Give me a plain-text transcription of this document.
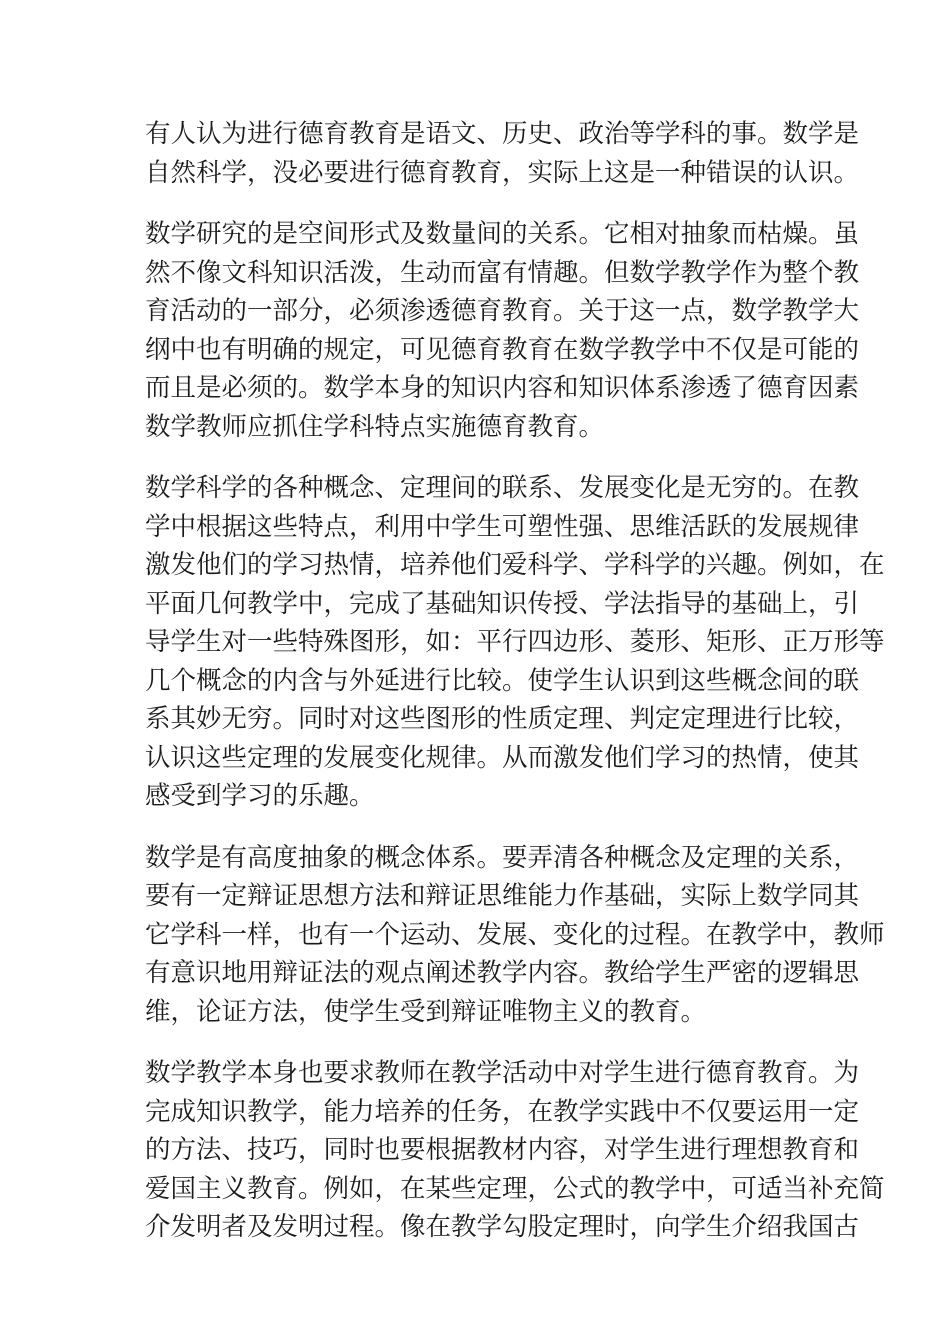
有人认为进行德育教育是语文、历史、政治等学科的事。数学是
自然科学，没必要进行德育教育，实际上这是一种错误的认识。

数学研究的是空间形式及数量间的关系。它相对抽象而枯燥。虽
然不像文科知识活泼，生动而富有情趣。但数学教学作为整个教
育活动的一部分，必须渗透德育教育。关于这一点，数学教学大
纲中也有明确的规定，可见德育教育在数学教学中不仅是可能的
而且是必须的。数学本身的知识内容和知识体系渗透了德育因素
数学教师应抓住学科特点实施德育教育。

数学科学的各种概念、定理间的联系、发展变化是无穷的。在教
学中根据这些特点，利用中学生可塑性强、思维活跃的发展规律
激发他们的学习热情，培养他们爱科学、学科学的兴趣。例如，在
平面几何教学中，完成了基础知识传授、学法指导的基础上，引
导学生对一些特殊图形，如：平行四边形、菱形、矩形、正万形等
几个概念的内含与外延进行比较。使学生认识到这些概念间的联
系其妙无穷。同时对这些图形的性质定理、判定定理进行比较，
认识这些定理的发展变化规律。从而激发他们学习的热情，使其
感受到学习的乐趣。

数学是有高度抽象的概念体系。要弄清各种概念及定理的关系，
要有一定辩证思想方法和辩证思维能力作基础，实际上数学同其
它学科一样，也有一个运动、发展、变化的过程。在教学中，教师
有意识地用辩证法的观点阐述教学内容。教给学生严密的逻辑思
维，论证方法，使学生受到辩证唯物主义的教育。

数学教学本身也要求教师在教学活动中对学生进行德育教育。为
完成知识教学，能力培养的任务，在教学实践中不仅要运用一定
的方法、技巧，同时也要根据教材内容，对学生进行理想教育和
爱国主义教育。例如，在某些定理，公式的教学中，可适当补充简
介发明者及发明过程。像在教学勾股定理时，向学生介绍我国古
